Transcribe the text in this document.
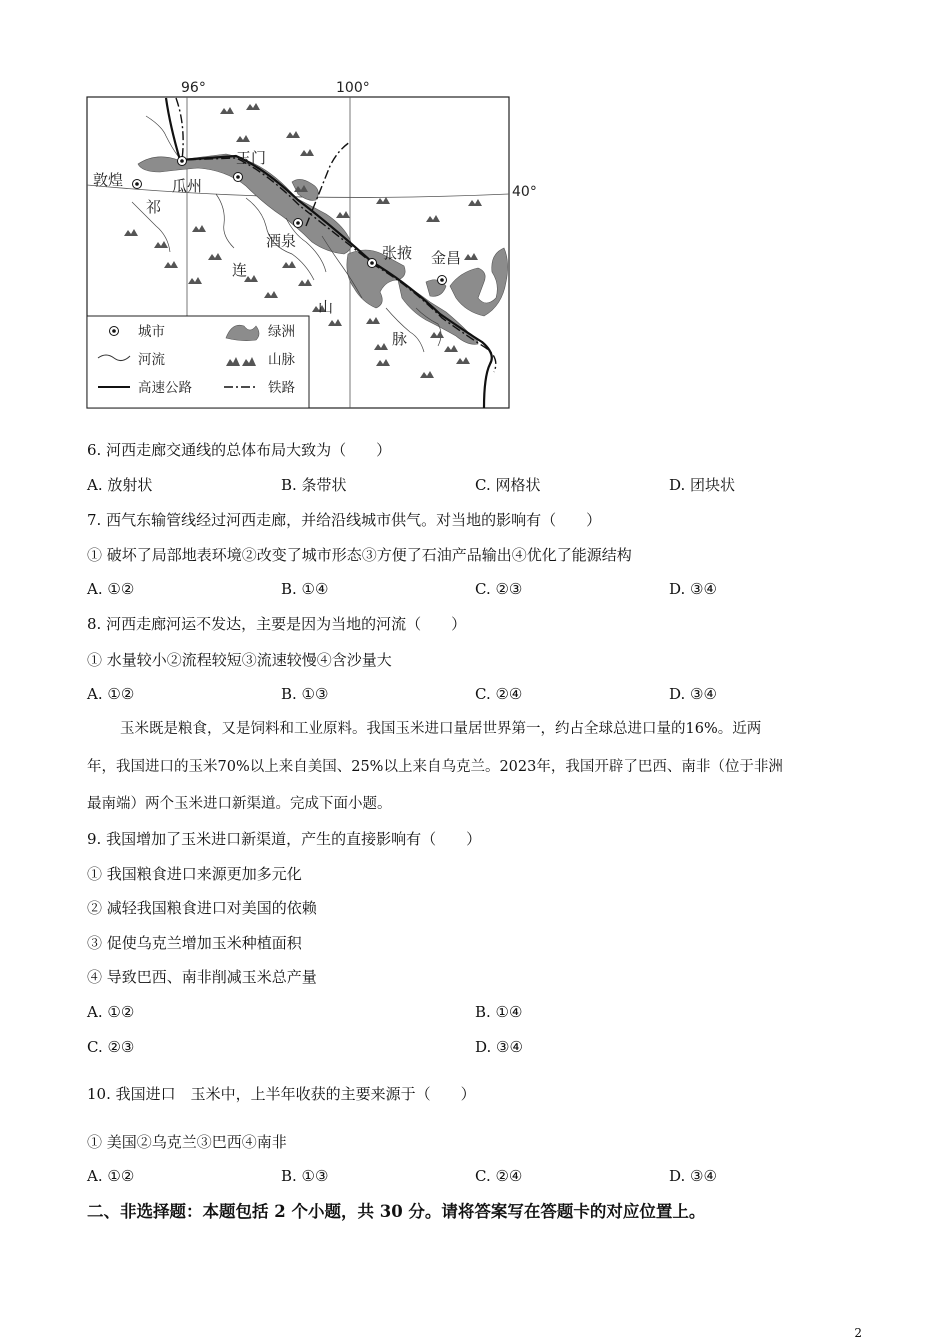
96°	100°
40°
敦煌	瓜州
玉门
酒泉
张掖 金昌
祁
连
山
脉
城市	绿洲
河流	山脉
高速公路	铁路
6. 河西走廊交通线的总体布局大致为（　　）
A. 放射状	B. 条带状	C. 网格状	D. 团块状
7. 西气东输管线经过河西走廊，并给沿线城市供气。对当地的影响有（　　）
① 破坏了局部地表环境②改变了城市形态③方便了石油产品输出④优化了能源结构
A. ①②	B. ①④	C. ②③	D. ③④
8. 河西走廊河运不发达，主要是因为当地的河流（　　）
① 水量较小②流程较短③流速较慢④含沙量大
A. ①②	B. ①③	C. ②④	D. ③④
玉米既是粮食，又是饲料和工业原料。我国玉米进口量居世界第一，约占全球总进口量的16%。近两
年，我国进口的玉米70%以上来自美国、25%以上来自乌克兰。2023年，我国开辟了巴西、南非（位于非洲
最南端）两个玉米进口新渠道。完成下面小题。
9. 我国增加了玉米进口新渠道，产生的直接影响有（　　）
① 我国粮食进口来源更加多元化
② 减轻我国粮食进口对美国的依赖
③ 促使乌克兰增加玉米种植面积
④ 导致巴西、南非削减玉米总产量
A. ①②	B. ①④
C. ②③	D. ③④
10. 我国进口　玉米中，上半年收获的主要来源于（　　）
① 美国②乌克兰③巴西④南非
A. ①②	B. ①③	C. ②④	D. ③④
二、非选择题：本题包括 2 个小题，共 30 分。请将答案写在答题卡的对应位置上。
2
